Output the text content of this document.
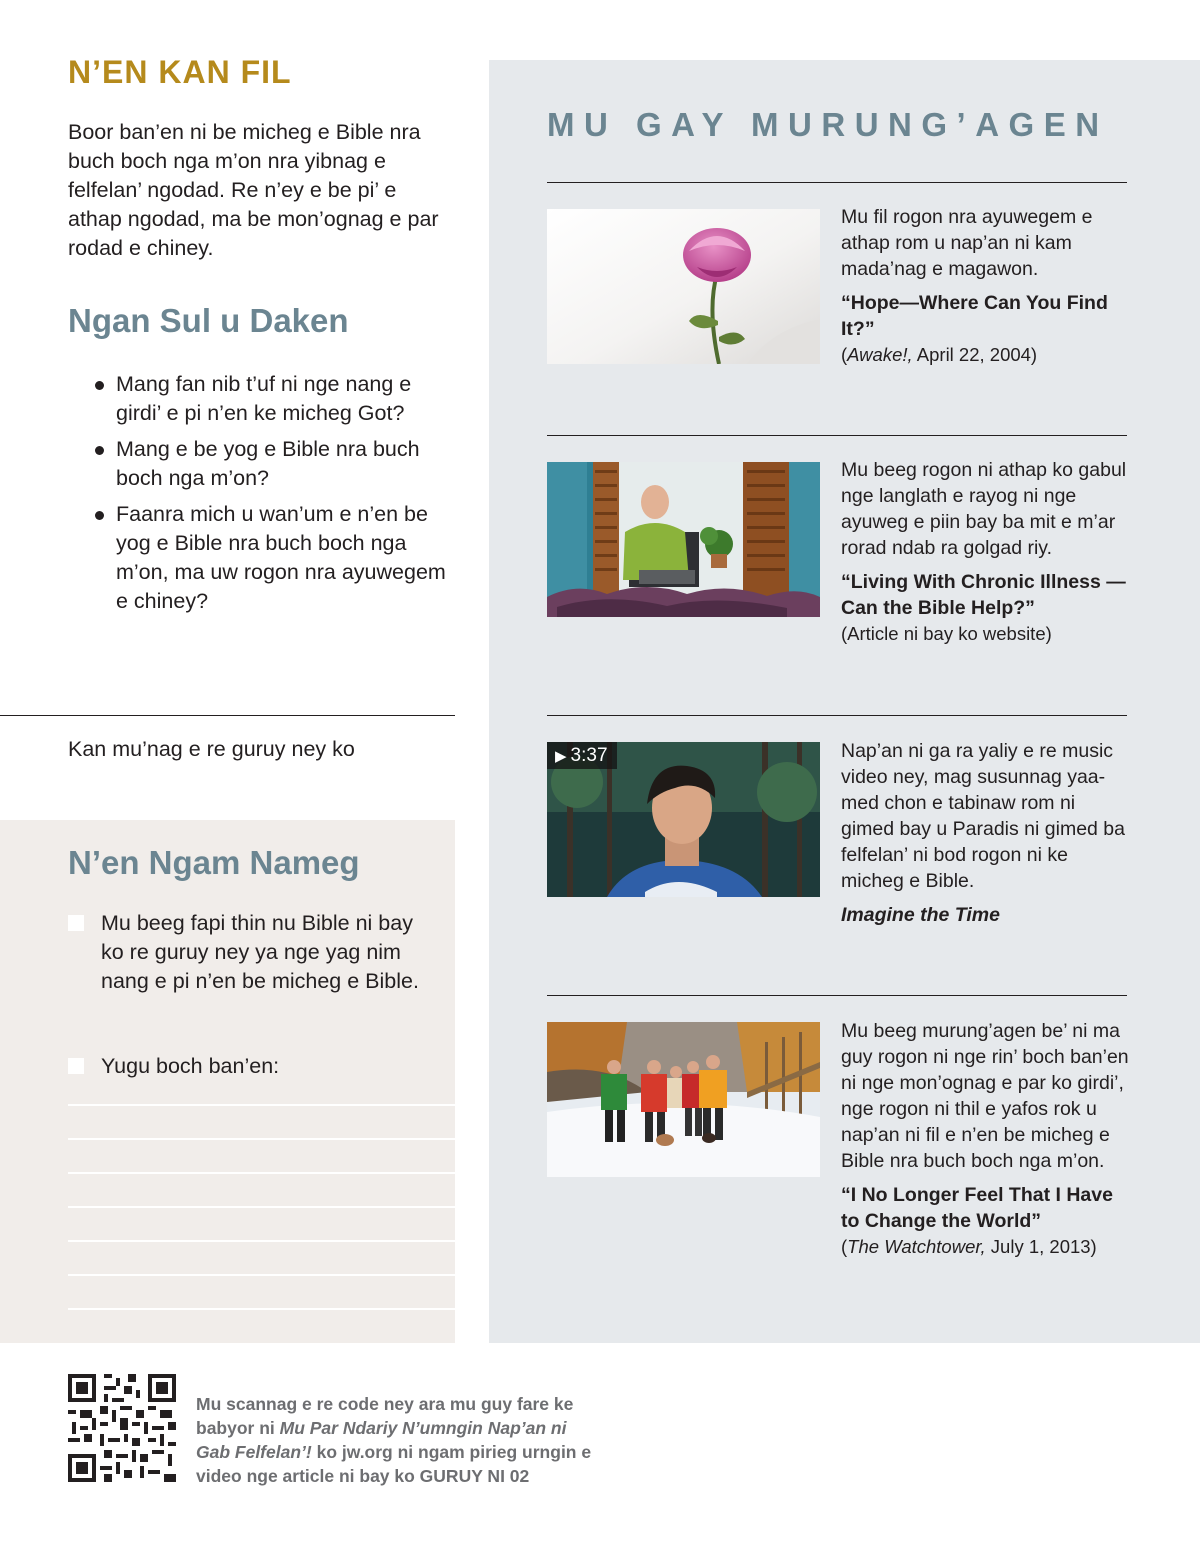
N’EN KAN FIL

Boor ban’en ni be micheg e Bible nra buch boch nga m’on nra yibnag e felfelan’ ngodad. Re n’ey e be pi’ e athap ngodad, ma be mon’ognag e par rodad e chiney.

Ngan Sul u Daken
Mang fan nib t’uf ni nge nang e girdi’ e pi n’en ke micheg Got?
Mang e be yog e Bible nra buch boch nga m’on?
Faanra mich u wan’um e n’en be yog e Bible nra buch boch nga m’on, ma uw rogon nra ayuwegem e chiney?

Kan mu’nag e re guruy ney ko

N’en Ngam Nameg
Mu beeg fapi thin nu Bible ni bay ko re guruy ney ya nge yag nim nang e pi n’en be micheg e Bible.
Yugu boch ban’en:
MU GAY MURUNG’AGEN

Mu fil rogon nra ayuwegem e athap rom u nap’an ni kam mada’nag e magawon.

“Hope—Where Can You Find It?”

(Awake!, April 22, 2004)

Mu beeg rogon ni athap ko gabul nge langlath e rayog ni nge ayuweg e piin bay ba mit e m’ar rorad ndab ra golgad riy.

“Living With Chronic Illness —Can the Bible Help?”

(Article ni bay ko website)

▶ 3:37	Nap’an ni ga ra yaliy e re music video ney, mag susunnag yaamed chon e tabinaw rom ni gimed bay u Paradis ni gimed ba felfelan’ ni bod rogon ni ke micheg e Bible.

Imagine the Time

Mu beeg murung’agen be’ ni ma guy rogon ni nge rin’ boch ban’en ni nge mon’ognag e par ko girdi’, nge rogon ni thil e yafos rok u nap’an ni fil e n’en be micheg e Bible nra buch boch nga m’on.

“I No Longer Feel That I Have to Change the World”

(The Watchtower, July 1, 2013)

Mu scannag e re code ney ara mu guy fare ke babyor ni Mu Par Ndariy N’umngin Nap’an ni Gab Felfelan’! ko jw.org ni ngam pirieg urngin e video nge article ni bay ko GURUY NI 02
